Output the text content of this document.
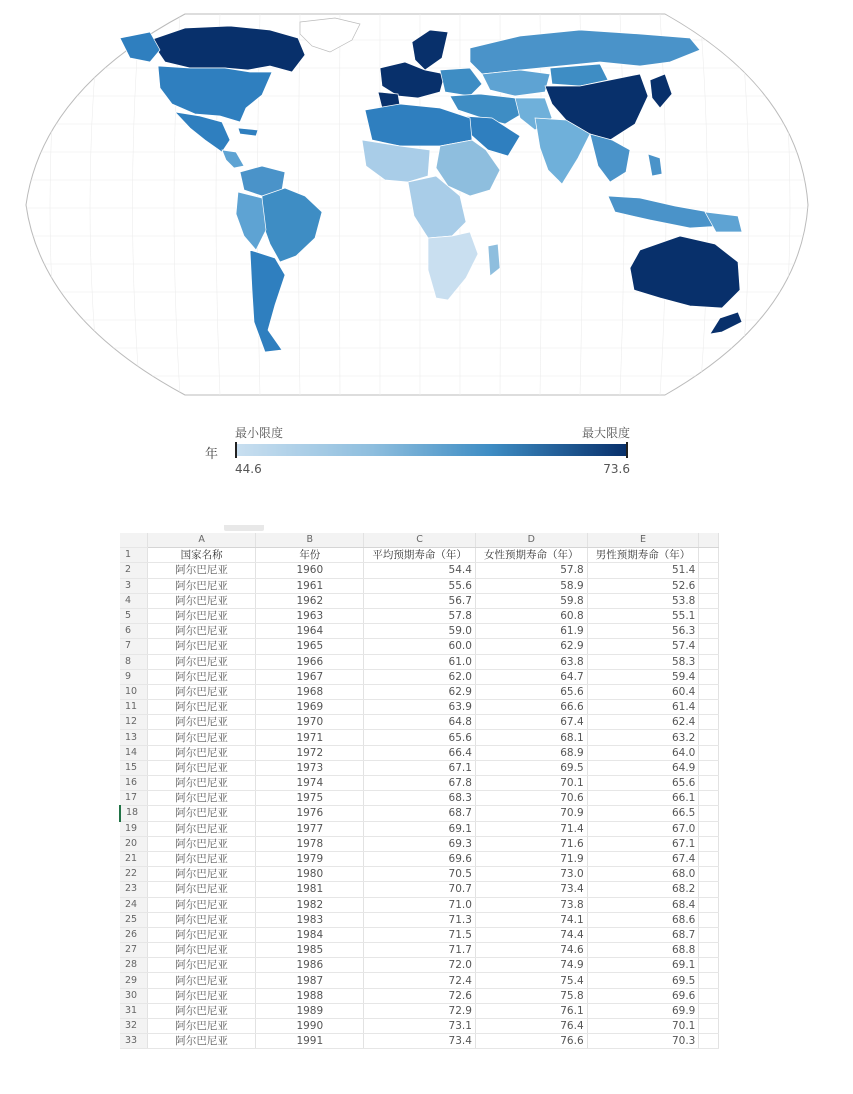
最小限度	最大限度
年
44.6	73.6
	A	B	C	D	E	
1	国家名称	年份	平均预期寿命（年）	女性预期寿命（年）	男性预期寿命（年）	
2	阿尔巴尼亚	1960	54.4	57.8	51.4	
3	阿尔巴尼亚	1961	55.6	58.9	52.6	
4	阿尔巴尼亚	1962	56.7	59.8	53.8	
5	阿尔巴尼亚	1963	57.8	60.8	55.1	
6	阿尔巴尼亚	1964	59.0	61.9	56.3	
7	阿尔巴尼亚	1965	60.0	62.9	57.4	
8	阿尔巴尼亚	1966	61.0	63.8	58.3	
9	阿尔巴尼亚	1967	62.0	64.7	59.4	
10	阿尔巴尼亚	1968	62.9	65.6	60.4	
11	阿尔巴尼亚	1969	63.9	66.6	61.4	
12	阿尔巴尼亚	1970	64.8	67.4	62.4	
13	阿尔巴尼亚	1971	65.6	68.1	63.2	
14	阿尔巴尼亚	1972	66.4	68.9	64.0	
15	阿尔巴尼亚	1973	67.1	69.5	64.9	
16	阿尔巴尼亚	1974	67.8	70.1	65.6	
17	阿尔巴尼亚	1975	68.3	70.6	66.1	
18	阿尔巴尼亚	1976	68.7	70.9	66.5	
19	阿尔巴尼亚	1977	69.1	71.4	67.0	
20	阿尔巴尼亚	1978	69.3	71.6	67.1	
21	阿尔巴尼亚	1979	69.6	71.9	67.4	
22	阿尔巴尼亚	1980	70.5	73.0	68.0	
23	阿尔巴尼亚	1981	70.7	73.4	68.2	
24	阿尔巴尼亚	1982	71.0	73.8	68.4	
25	阿尔巴尼亚	1983	71.3	74.1	68.6	
26	阿尔巴尼亚	1984	71.5	74.4	68.7	
27	阿尔巴尼亚	1985	71.7	74.6	68.8	
28	阿尔巴尼亚	1986	72.0	74.9	69.1	
29	阿尔巴尼亚	1987	72.4	75.4	69.5	
30	阿尔巴尼亚	1988	72.6	75.8	69.6	
31	阿尔巴尼亚	1989	72.9	76.1	69.9	
32	阿尔巴尼亚	1990	73.1	76.4	70.1	
33	阿尔巴尼亚	1991	73.4	76.6	70.3	
